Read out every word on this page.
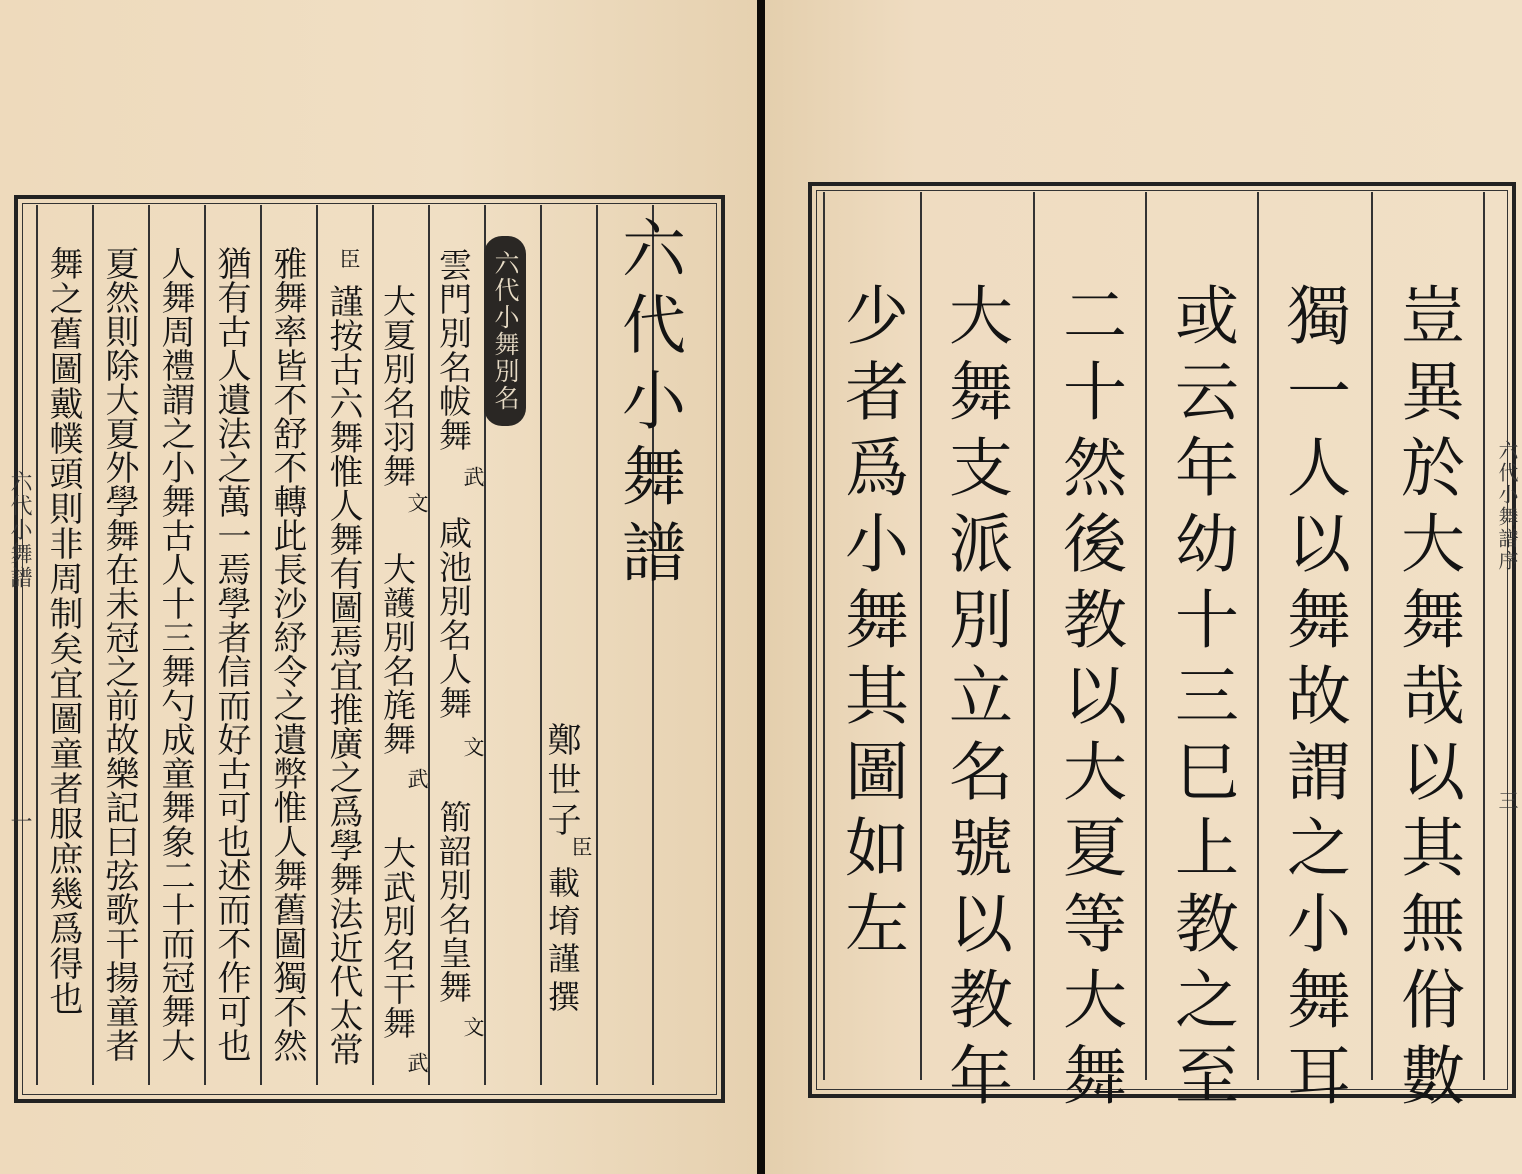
六代小舞譜
鄭世子
臣
載堉謹撰
六代小舞別名
雲門別名帗舞
武
咸池別名人舞
文
箾韶別名皇舞
文
大夏別名羽舞
文
大頀別名旄舞
武
大武別名干舞
武
臣
謹按古六舞惟人舞有圖焉宜推廣之爲學舞法近代太常
雅舞率皆不舒不轉此長沙紓令之遺弊惟人舞舊圖獨不然
猶有古人遺法之萬一焉學者信而好古可也述而不作可也
人舞周禮謂之小舞古人十三舞勺成童舞象二十而冠舞大
夏然則除大夏外學舞在未冠之前故樂記曰弦歌干揚童者
舞之舊圖戴幞頭則非周制矣宜圖童者服庶幾爲得也
六代小舞譜
一	豈異於大舞哉以其無佾數
獨一人以舞故謂之小舞耳
或云年幼十三巳上教之至
二十然後教以大夏等大舞
大舞支派別立名號以教年
少者爲小舞其圖如左	六代小舞譜序
三
